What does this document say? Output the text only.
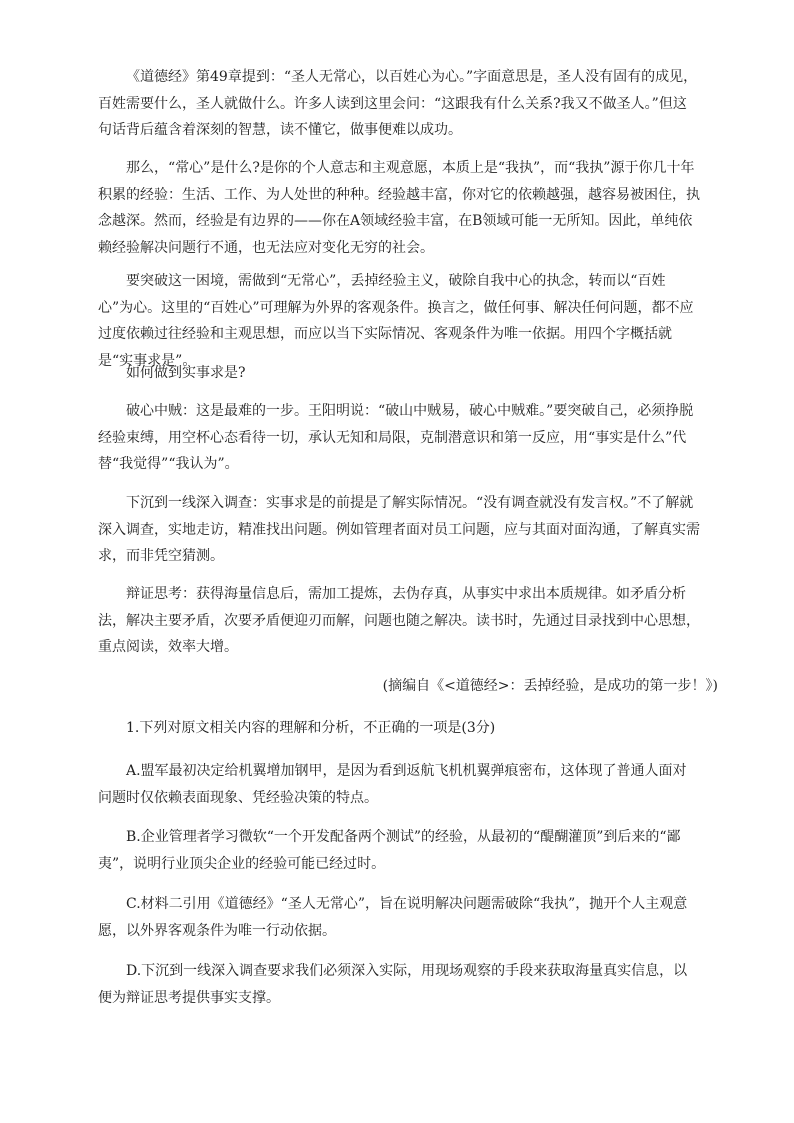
《道德经》第49章提到：“圣人无常心，以百姓心为心。”字面意思是，圣人没有固有的成见，百姓需要什么，圣人就做什么。许多人读到这里会问：“这跟我有什么关系?我又不做圣人。”但这句话背后蕴含着深刻的智慧，读不懂它，做事便难以成功。

那么，“常心”是什么?是你的个人意志和主观意愿，本质上是“我执”，而“我执”源于你几十年积累的经验：生活、工作、为人处世的种种。经验越丰富，你对它的依赖越强，越容易被困住，执念越深。然而，经验是有边界的——你在A领域经验丰富，在B领域可能一无所知。因此，单纯依赖经验解决问题行不通，也无法应对变化无穷的社会。

要突破这一困境，需做到“无常心”，丢掉经验主义，破除自我中心的执念，转而以“百姓心”为心。这里的“百姓心”可理解为外界的客观条件。换言之，做任何事、解决任何问题，都不应过度依赖过往经验和主观思想，而应以当下实际情况、客观条件为唯一依据。用四个字概括就是“实事求是”。

如何做到实事求是?

破心中贼：这是最难的一步。王阳明说：“破山中贼易，破心中贼难。”要突破自己，必须挣脱经验束缚，用空杯心态看待一切，承认无知和局限，克制潜意识和第一反应，用“事实是什么”代替“我觉得”“我认为”。

下沉到一线深入调查：实事求是的前提是了解实际情况。“没有调查就没有发言权。”不了解就深入调查，实地走访，精准找出问题。例如管理者面对员工问题，应与其面对面沟通，了解真实需求，而非凭空猜测。

辩证思考：获得海量信息后，需加工提炼，去伪存真，从事实中求出本质规律。如矛盾分析法，解决主要矛盾，次要矛盾便迎刃而解，问题也随之解决。读书时，先通过目录找到中心思想，重点阅读，效率大增。

(摘编自《<道德经>：丢掉经验，是成功的第一步！》)

1.下列对原文相关内容的理解和分析，不正确的一项是(3分)

A.盟军最初决定给机翼增加钢甲，是因为看到返航飞机机翼弹痕密布，这体现了普通人面对问题时仅依赖表面现象、凭经验决策的特点。

B.企业管理者学习微软“一个开发配备两个测试”的经验，从最初的“醍醐灌顶”到后来的“鄙夷”，说明行业顶尖企业的经验可能已经过时。

C.材料二引用《道德经》“圣人无常心”，旨在说明解决问题需破除“我执”，抛开个人主观意愿，以外界客观条件为唯一行动依据。

D.下沉到一线深入调查要求我们必须深入实际，用现场观察的手段来获取海量真实信息，以便为辩证思考提供事实支撑。
